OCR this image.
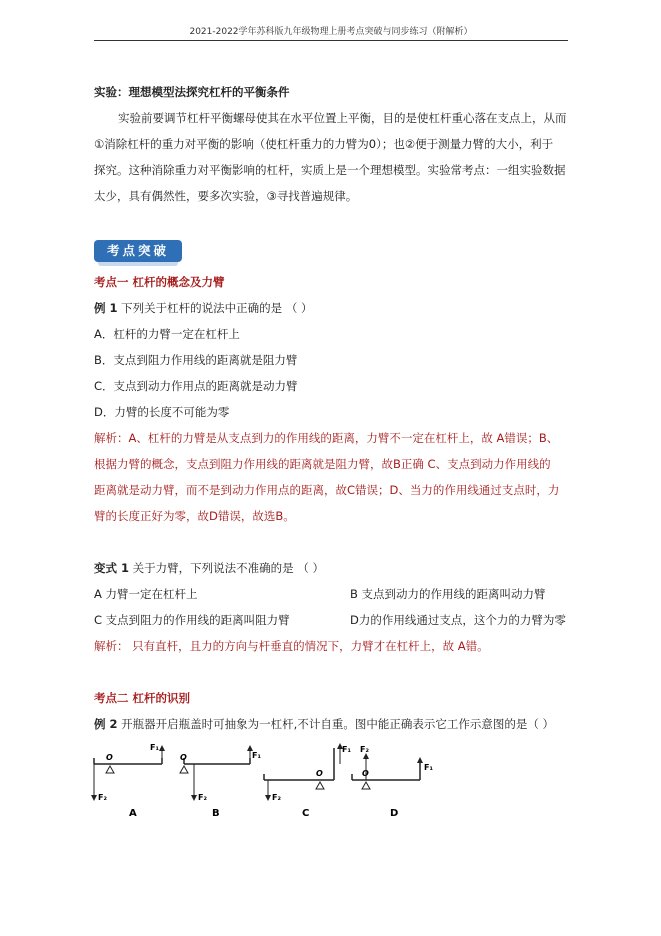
2021-2022学年苏科版九年级物理上册考点突破与同步练习（附解析）
实验：理想模型法探究杠杆的平衡条件
实验前要调节杠杆平衡螺母使其在水平位置上平衡，目的是使杠杆重心落在支点上，从而
①消除杠杆的重力对平衡的影响（使杠杆重力的力臂为0）；也②便于测量力臂的大小，利于
探究。这种消除重力对平衡影响的杠杆，实质上是一个理想模型。实验常考点：一组实验数据
太少，具有偶然性，要多次实验，③寻找普遍规律。
考点突破
考点一 杠杆的概念及力臂
例 1 下列关于杠杆的说法中正确的是 （ ）
A．杠杆的力臂一定在杠杆上
B．支点到阻力作用线的距离就是阻力臂
C．支点到动力作用点的距离就是动力臂
D．力臂的长度不可能为零
解析：A、杠杆的力臂是从支点到力的作用线的距离，力臂不一定在杠杆上，故 A错误；B、
根据力臂的概念，支点到阻力作用线的距离就是阻力臂，故B正确 C、支点到动力作用线的
距离就是动力臂，而不是到动力作用点的距离，故C错误；D、当力的作用线通过支点时，力
臂的长度正好为零，故D错误，故选B。
变式 1 关于力臂，下列说法不准确的是 （ ）
A 力臂一定在杠杆上	B 支点到动力的作用线的距离叫动力臂
C 支点到阻力的作用线的距离叫阻力臂	D力的作用线通过支点，这个力的力臂为零
解析： 只有直杆，且力的方向与杆垂直的情况下，力臂才在杠杆上，故 A错。
考点二 杠杆的识别
例 2 开瓶器开启瓶盖时可抽象为一杠杆,不计自重。图中能正确表示它工作示意图的是（ ）
O
F₁
F₂
A
O	F₁
F₂
B
O
F₁
F₂
C
O
F₁
F₂
D
